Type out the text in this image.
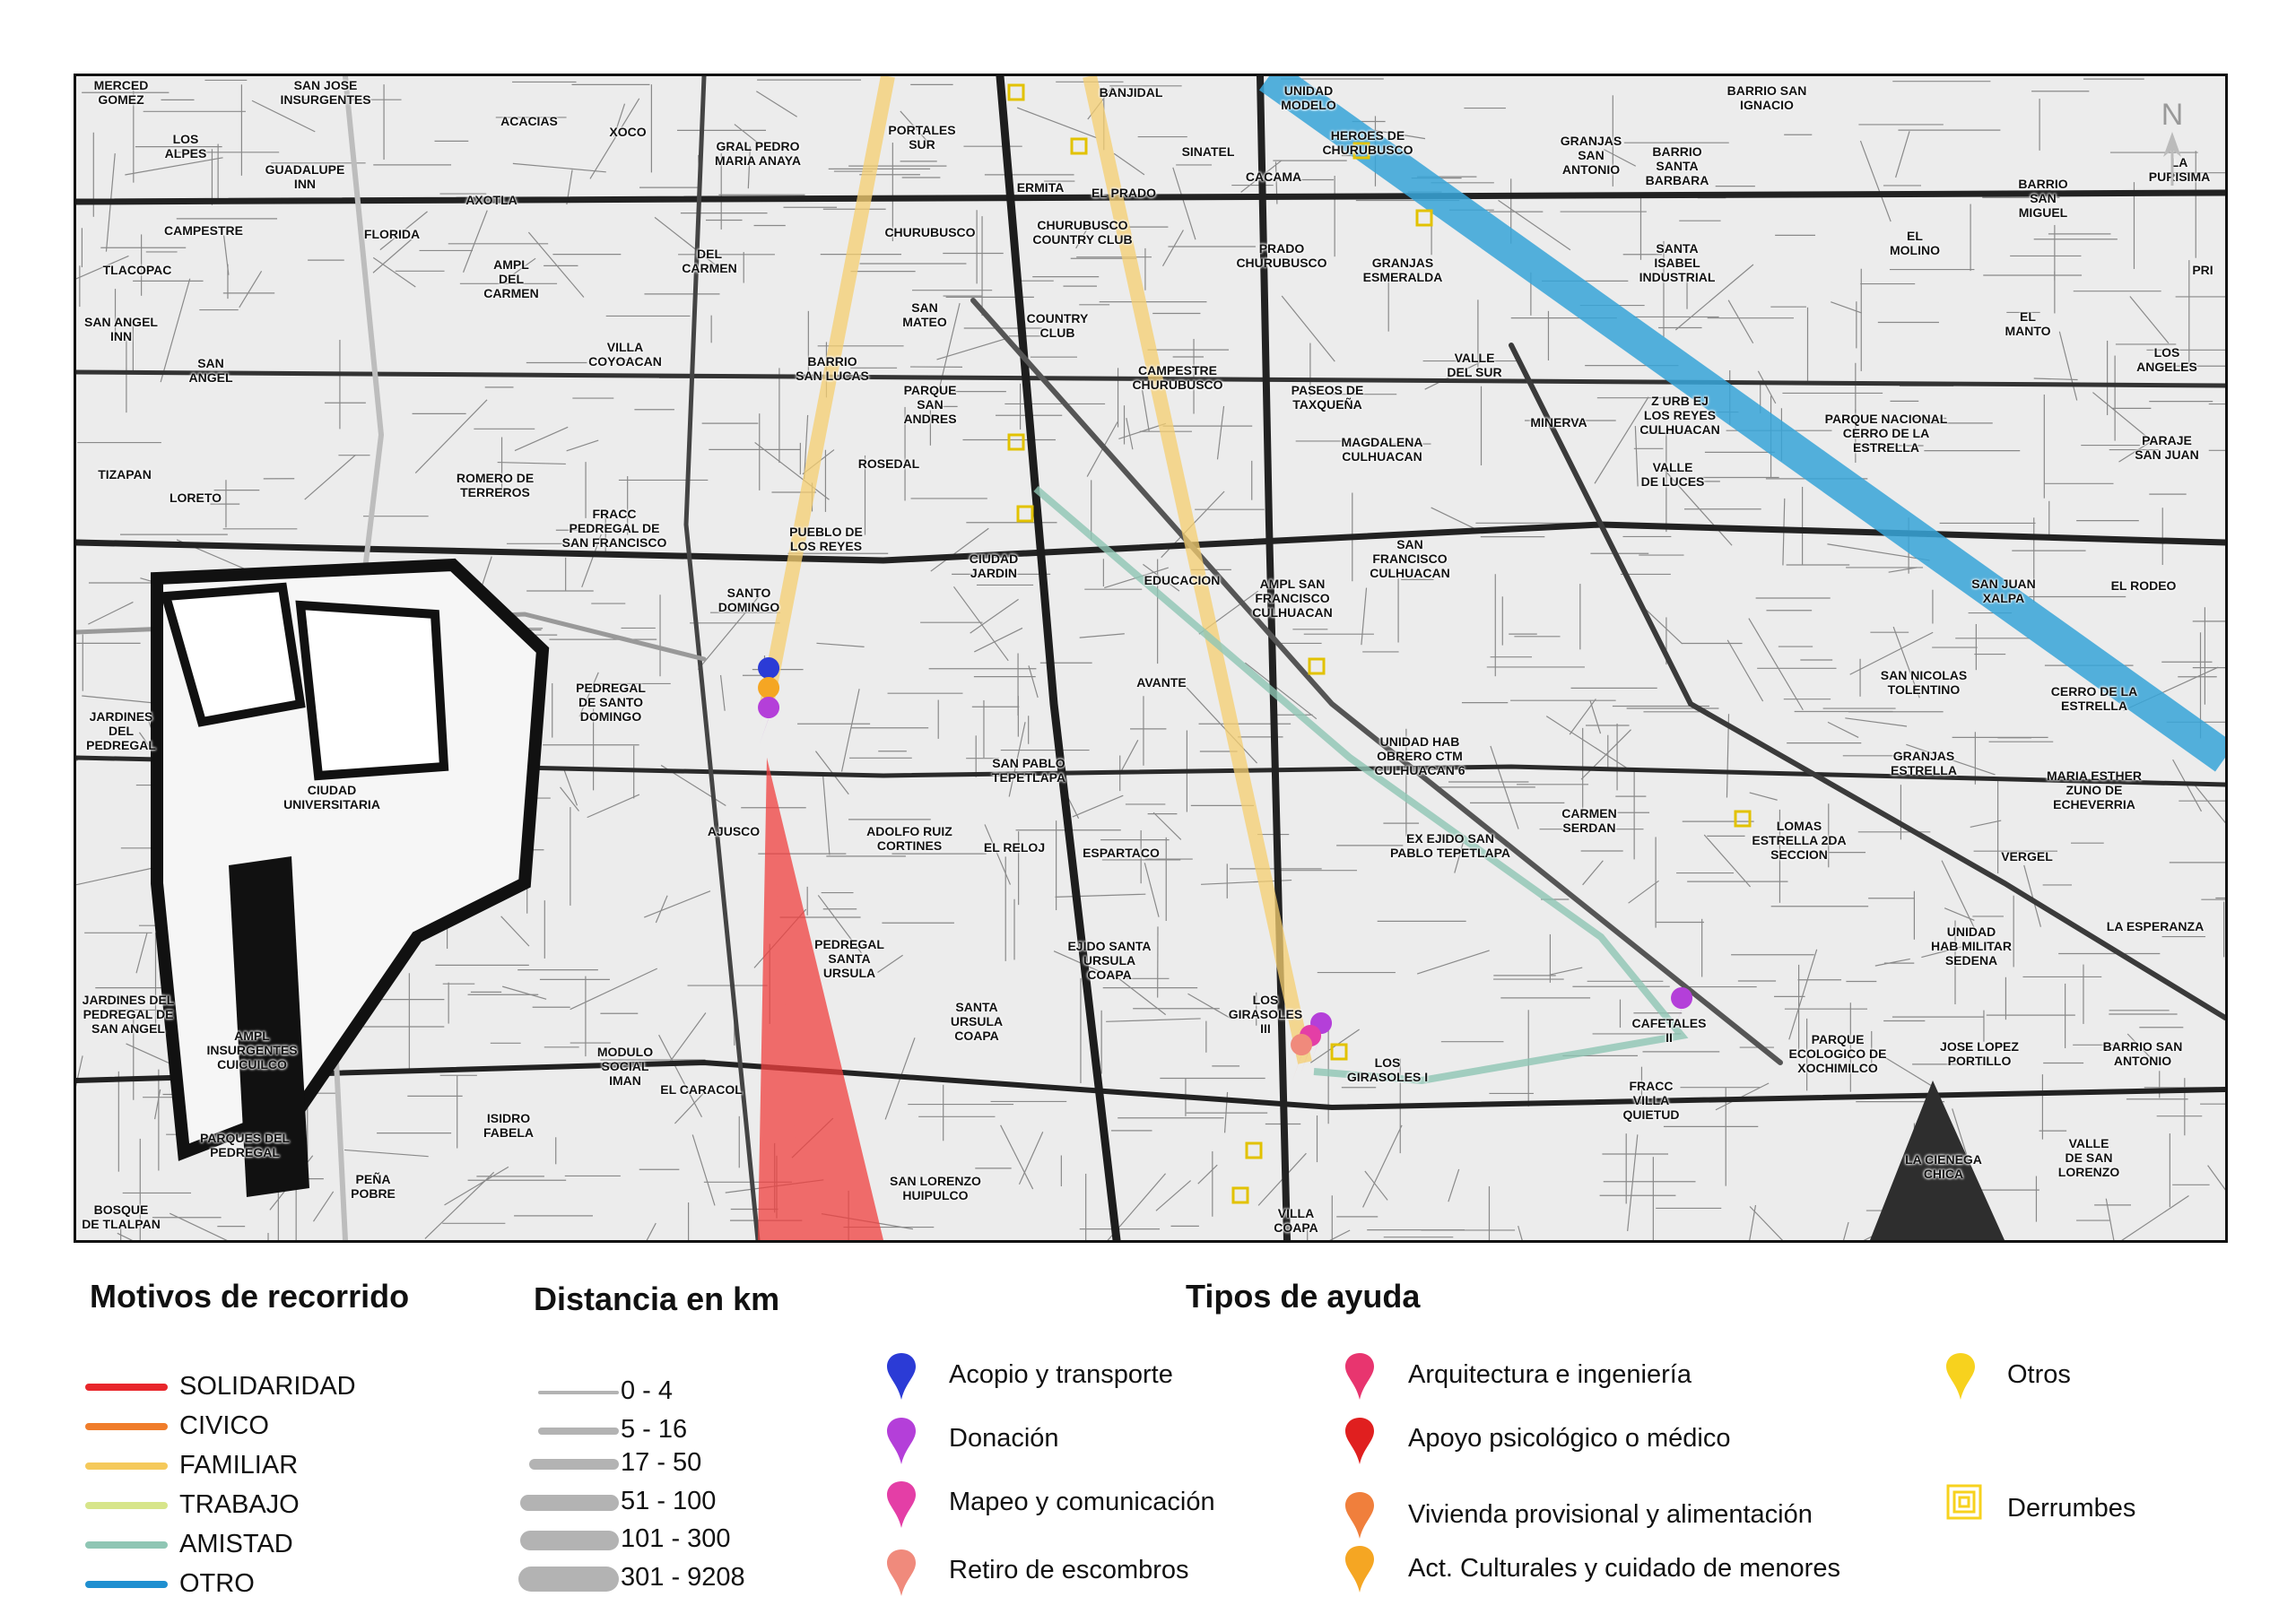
MERCED
GOMEZ
SAN JOSE
INSURGENTES
ACACIAS
XOCO
GRAL PEDRO
MARIA ANAYA
PORTALES
SUR
BANJIDAL	UNIDAD
MODELO
HEROES DE
CHURUBUSCO
GRANJAS
SAN
ANTONIO
BARRIO
SANTA
BARBARA
BARRIO SAN
IGNACIO
LOS
ALPES
GUADALUPE
INN
AXOTLA
ERMITA EL PRADO
SINATEL
CACAMA	BARRIO
SAN
MIGUEL
LA
PURISIMA
CAMPESTRE	FLORIDA	CHURUBUSCO	CHURUBUSCO
COUNTRY CLUB
DEL
CARMEN
PRADO
CHURUBUSCO	GRANJAS
ESMERALDA
SANTA
ISABEL
INDUSTRIAL
EL
MOLINO
PRI
TLACOPAC	AMPL
DEL
CARMEN
SAN
MATEO	COUNTRY
CLUB
EL
MANTO
LOS
ANGELES
SAN ANGEL
INN
VILLA
COYOACAN	VALLE
DEL SUR
SAN
ANGEL
BARRIO
SAN LUCAS	CAMPESTRE
CHURUBUSCO
PARQUE
SAN
ANDRES
PASEOS DE
TAXQUEÑA	Z URB EJ
LOS REYES
CULHUACAN
MINERVA	PARQUE NACIONAL
CERRO DE LA
ESTRELLA	PARAJE
SAN JUAN
MAGDALENA
CULHUACAN
TIZAPAN
ROSEDAL	VALLE
DE LUCES
ROMERO DE
TERREROS
LORETO
FRACC
PEDREGAL DE
SAN FRANCISCO
PUEBLO DE
LOS REYES	SAN
FRANCISCO
CULHUACAN
CIUDAD
JARDIN	EDUCACION	AMPL SAN
FRANCISCO
CULHUACAN
SANTO
DOMINGO
SAN JUAN
XALPA
EL RODEO
SAN NICOLAS
TOLENTINO	CERRO DE LA
ESTRELLA
AVANTE
PEDREGAL
DE SANTO
DOMINGO
JARDINES
DEL
PEDREGAL	UNIDAD HAB
OBRERO CTM
CULHUACAN 6
GRANJAS
ESTRELLA
SAN PABLO
TEPETLAPA	MARIA ESTHER
ZUNO DE
ECHEVERRIA
CIUDAD
UNIVERSITARIA
CARMEN
SERDAN	LOMAS
ESTRELLA 2DA
SECCION
EX EJIDO SAN
PABLO TEPETLAPA
AJUSCO	ADOLFO RUIZ
CORTINES	EL RELOJ	ESPARTACO	VERGEL
LA ESPERANZA
UNIDAD
HAB MILITAR
SEDENA
PEDREGAL
SANTA
URSULA
EJIDO SANTA
URSULA
COAPA
SANTA
URSULA
COAPA
LOS
GIRASOLES
III	CAFETALES
II	PARQUE
ECOLOGICO DE
XOCHIMILCO
JOSE LOPEZ
PORTILLO
BARRIO SAN
ANTONIO
JARDINES DEL
PEDREGAL DE
SAN ANGEL	AMPL
INSURGENTES
CUICUILCO
MODULO
SOCIAL
IMAN
LOS
GIRASOLES I
FRACC
VILLA
QUIETUD
EL CARACOL
ISIDRO
FABELA
PARQUES DEL
PEDREGAL
VALLE
DE SAN
LORENZO
LA CIENEGA
CHICA
PEÑA
POBRE
SAN LORENZO
HUIPULCO
BOSQUE
DE TLALPAN
VILLA
COAPA
N
Motivos de recorrido
SOLIDARIDAD
CIVICO
FAMILIAR
TRABAJO
AMISTAD
OTRO
Distancia en km
0 - 4
5 - 16
17 - 50
51 - 100
101 - 300
301 - 9208
Tipos de ayuda
Acopio y transporte
Donación
Mapeo y comunicación
Retiro de escombros
Arquitectura e ingeniería
Apoyo psicológico o médico
Vivienda provisional y alimentación
Act. Culturales y cuidado de menores
Otros
Derrumbes
